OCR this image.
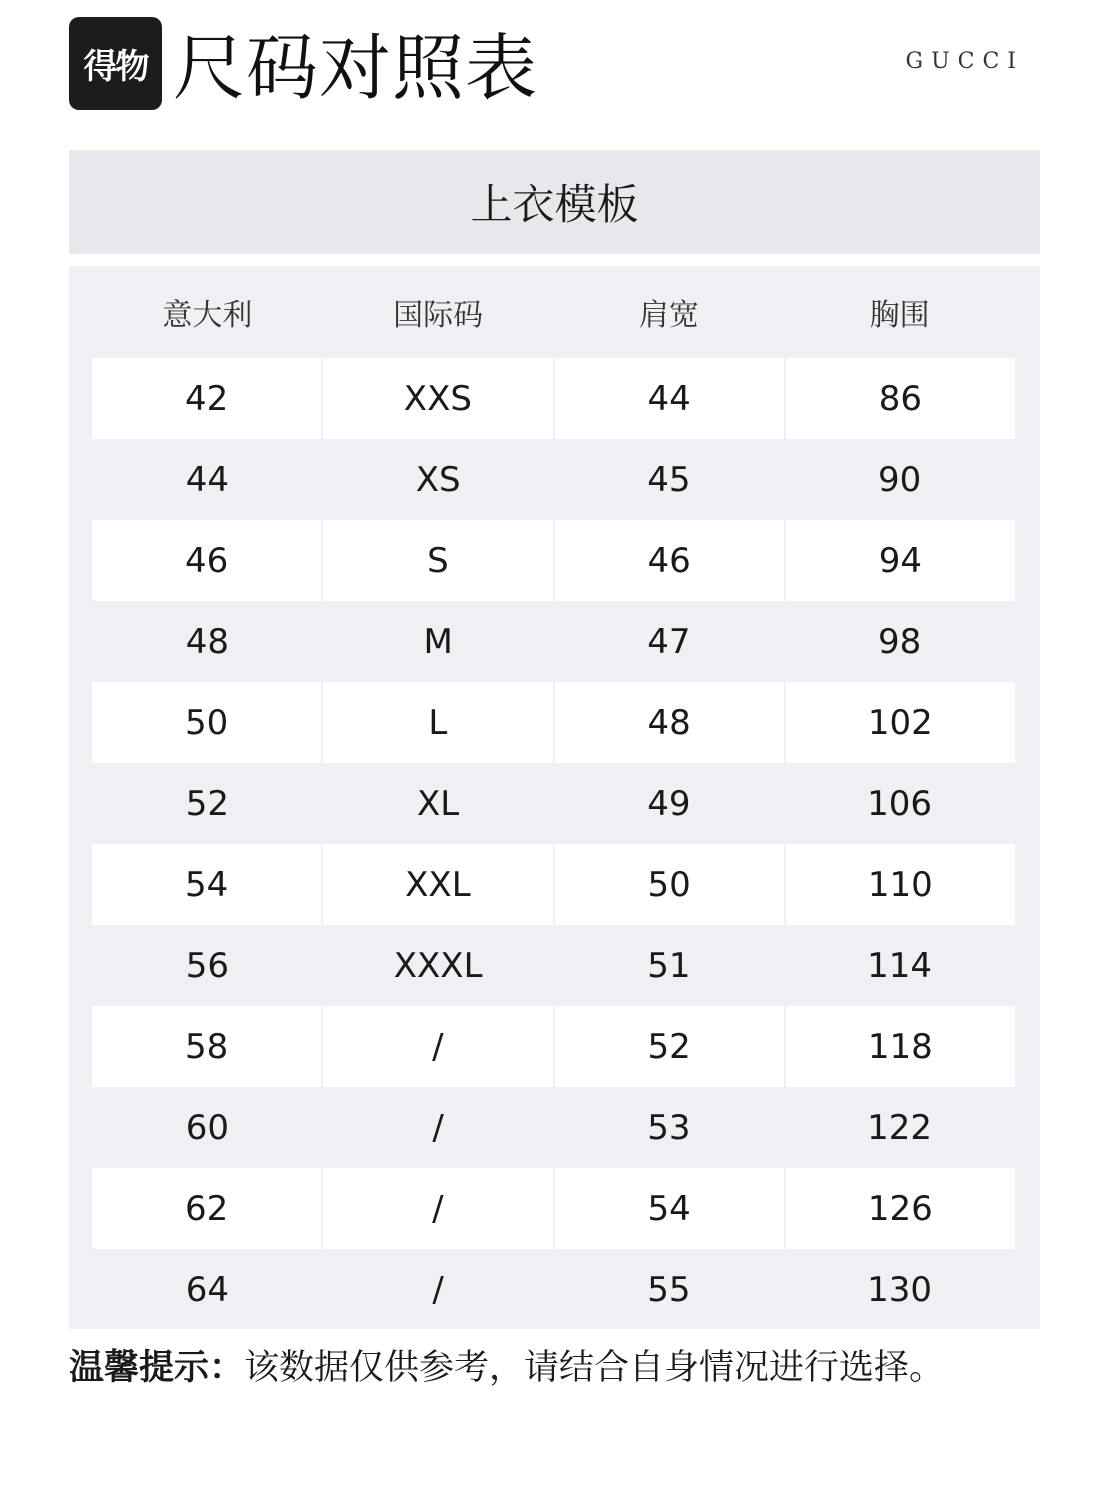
得物 尺码对照表	GUCCI
上衣模板
意大利	国际码	肩宽	胸围
42	XXS	44	86
44	XS	45	90
46	S	46	94
48	M	47	98
50	L	48	102
52	XL	49	106
54	XXL	50	110
56	XXXL	51	114
58	/	52	118
60	/	53	122
62	/	54	126
64	/	55	130
温馨提示：该数据仅供参考，请结合自身情况进行选择。
